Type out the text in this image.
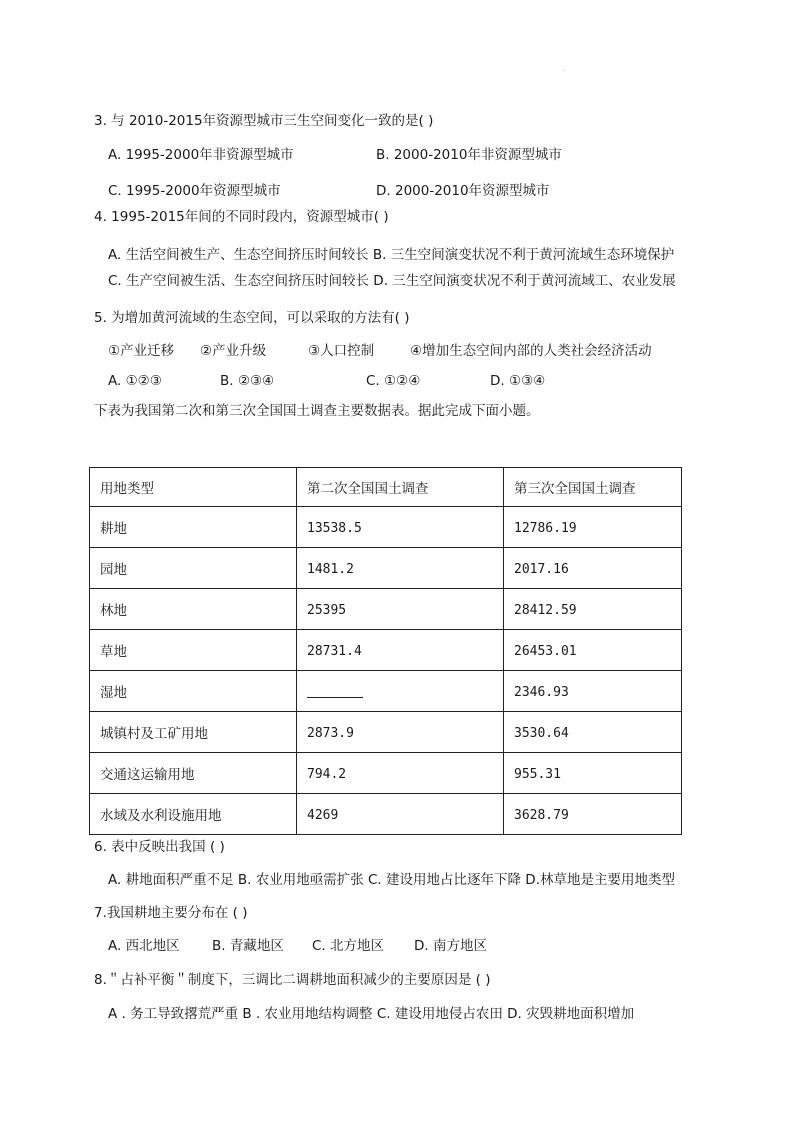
.
3. 与 2010-2015年资源型城市三生空间变化一致的是( )
A. 1995-2000年非资源型城市	B. 2000-2010年非资源型城市
C. 1995-2000年资源型城市	D. 2000-2010年资源型城市
4. 1995-2015年间的不同时段内，资源型城市( )
A. 生活空间被生产、生态空间挤压时间较长 B. 三生空间演变状况不利于黄河流域生态环境保护
C. 生产空间被生活、生态空间挤压时间较长 D. 三生空间演变状况不利于黄河流域工、农业发展
5. 为增加黄河流域的生态空间，可以采取的方法有( )
①产业迁移 ②产业升级	③人口控制	④增加生态空间内部的人类社会经济活动
A. ①②③	B. ②③④	C. ①②④	D. ①③④
下表为我国第二次和第三次全国国土调查主要数据表。据此完成下面小题。
用地类型	第二次全国国土调查	第三次全国国土调查
耕地	13538.5	12786.19
园地	1481.2	2017.16
林地	25395	28412.59
草地	28731.4	26453.01
湿地		2346.93
城镇村及工矿用地	2873.9	3530.64
交通这运输用地	794.2	955.31
水域及水利设施用地	4269	3628.79
6. 表中反映出我国 ( )
A. 耕地面积严重不足 B. 农业用地亟需扩张 C. 建设用地占比逐年下降 D.林草地是主要用地类型
7.我国耕地主要分布在 ( )
A. 西北地区 B. 青藏地区 C. 北方地区 D. 南方地区
8.＂占补平衡＂制度下，三调比二调耕地面积减少的主要原因是 ( )
A . 务工导致撂荒严重 B . 农业用地结构调整 C. 建设用地侵占农田 D. 灾毁耕地面积增加
